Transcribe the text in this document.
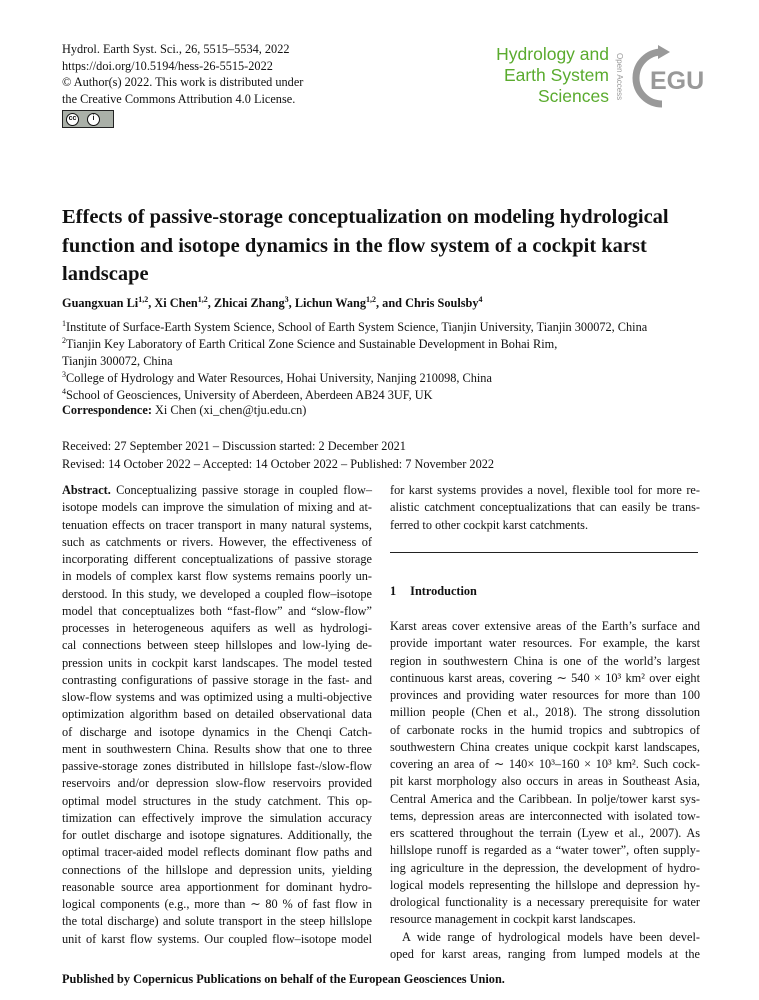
Hydrol. Earth Syst. Sci., 26, 5515–5534, 2022
https://doi.org/10.5194/hess-26-5515-2022
© Author(s) 2022. This work is distributed under
the Creative Commons Attribution 4.0 License.
cc	i
Hydrology and
Earth System
Sciences Open Access EGU
Effects of passive-storage conceptualization on modeling hydrological function and isotope dynamics in the flow system of a cockpit karst landscape
Guangxuan Li$^{1,2}$, Xi Chen$^{1,2}$, Zhicai Zhang$^3$, Lichun Wang$^{1,2}$, and Chris Soulsby$^4$
$^1$Institute of Surface-Earth System Science, School of Earth System Science, Tianjin University, Tianjin 300072, China
$^2$Tianjin Key Laboratory of Earth Critical Zone Science and Sustainable Development in Bohai Rim,
Tianjin 300072, China
$^3$College of Hydrology and Water Resources, Hohai University, Nanjing 210098, China
$^4$School of Geosciences, University of Aberdeen, Aberdeen AB24 3UF, UK
Correspondence: Xi Chen (xi_chen@tju.edu.cn)
Received: 27 September 2021 – Discussion started: 2 December 2021
Revised: 14 October 2022 – Accepted: 14 October 2022 – Published: 7 November 2022
Abstract. Conceptualizing passive storage in coupled flow–
isotope models can improve the simulation of mixing and at-
tenuation effects on tracer transport in many natural systems,
such as catchments or rivers. However, the effectiveness of
incorporating different conceptualizations of passive storage
in models of complex karst flow systems remains poorly un-
derstood. In this study, we developed a coupled flow–isotope
model that conceptualizes both “fast-flow” and “slow-flow”
processes in heterogeneous aquifers as well as hydrologi-
cal connections between steep hillslopes and low-lying de-
pression units in cockpit karst landscapes. The model tested
contrasting configurations of passive storage in the fast- and
slow-flow systems and was optimized using a multi-objective
optimization algorithm based on detailed observational data
of discharge and isotope dynamics in the Chenqi Catch-
ment in southwestern China. Results show that one to three
passive-storage zones distributed in hillslope fast-/slow-flow
reservoirs and/or depression slow-flow reservoirs provided
optimal model structures in the study catchment. This op-
timization can effectively improve the simulation accuracy
for outlet discharge and isotope signatures. Additionally, the
optimal tracer-aided model reflects dominant flow paths and
connections of the hillslope and depression units, yielding
reasonable source area apportionment for dominant hydro-
logical components (e.g., more than ∼ 80 % of fast flow in
the total discharge) and solute transport in the steep hillslope
unit of karst flow systems. Our coupled flow–isotope model
for karst systems provides a novel, flexible tool for more re-
alistic catchment conceptualizations that can easily be trans-
ferred to other cockpit karst catchments.
1 Introduction
Karst areas cover extensive areas of the Earth’s surface and
provide important water resources. For example, the karst
region in southwestern China is one of the world’s largest
continuous karst areas, covering ∼ 540 × 10³ km² over eight
provinces and providing water resources for more than 100
million people (Chen et al., 2018). The strong dissolution
of carbonate rocks in the humid tropics and subtropics of
southwestern China creates unique cockpit karst landscapes,
covering an area of ∼ 140× 10³–160 × 10³ km². Such cock-
pit karst morphology also occurs in areas in Southeast Asia,
Central America and the Caribbean. In polje/tower karst sys-
tems, depression areas are interconnected with isolated tow-
ers scattered throughout the terrain (Lyew et al., 2007). As
hillslope runoff is regarded as a “water tower”, often supply-
ing agriculture in the depression, the development of hydro-
logical models representing the hillslope and depression hy-
drological functionality is a necessary prerequisite for water
resource management in cockpit karst landscapes.
A wide range of hydrological models have been devel-
oped for karst areas, ranging from lumped models at the
Published by Copernicus Publications on behalf of the European Geosciences Union.
